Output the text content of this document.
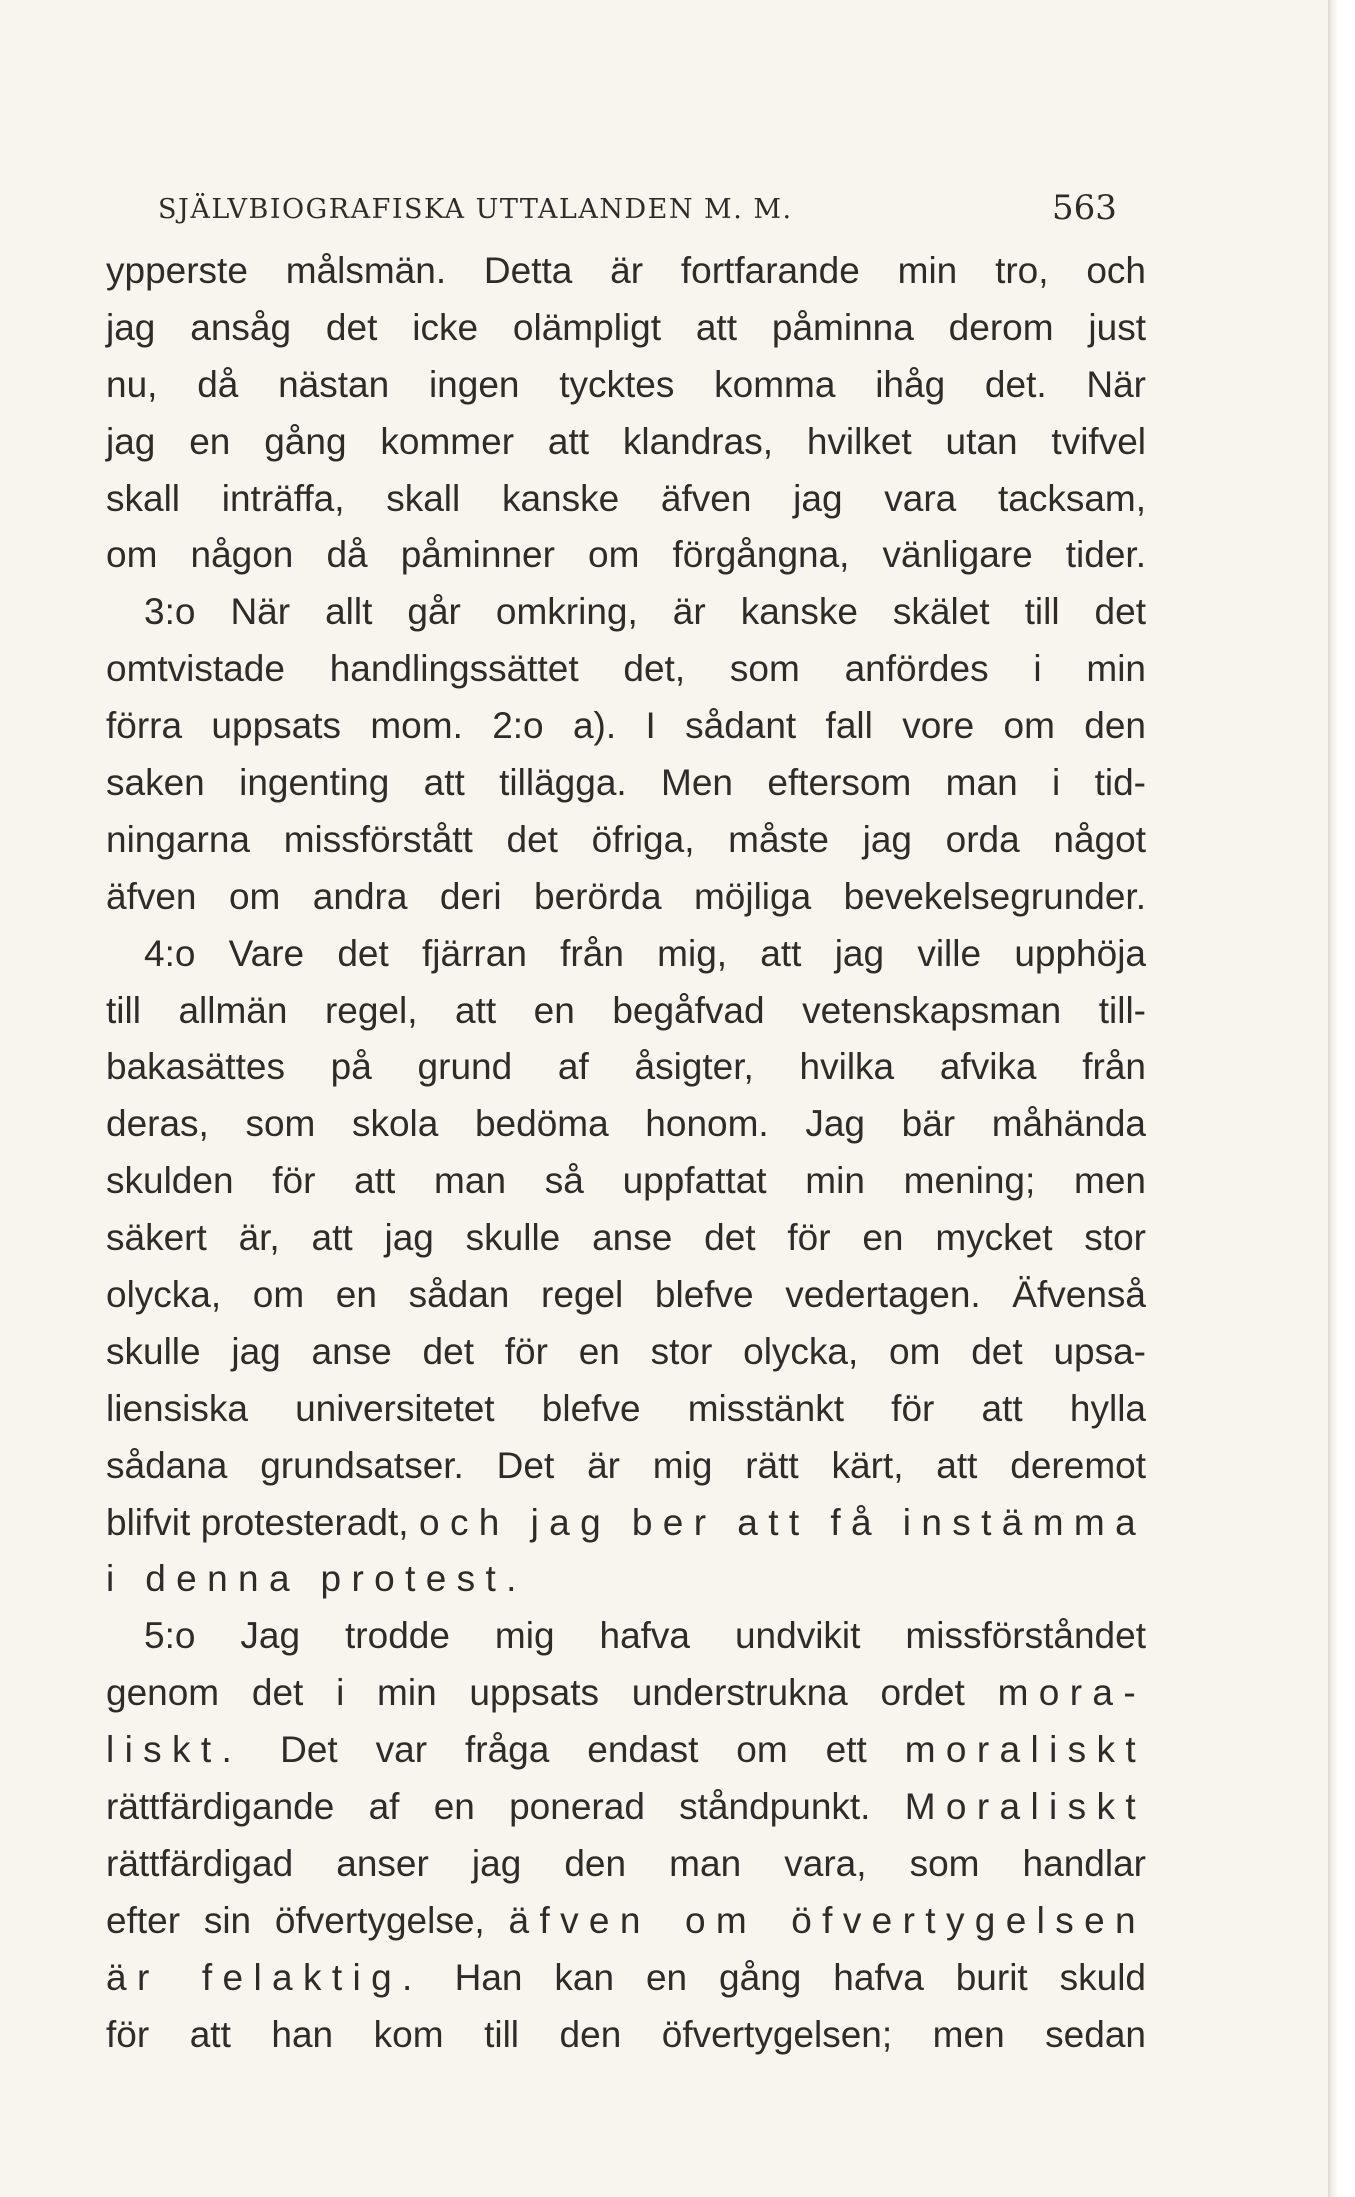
SJÄLVBIOGRAFISKA UTTALANDEN M. M.	563
ypperste målsmän. Detta är fortfarande min tro, och
jag ansåg det icke olämpligt att påminna derom just
nu, då nästan ingen tycktes komma ihåg det. När
jag en gång kommer att klandras, hvilket utan tvifvel
skall inträffa, skall kanske äfven jag vara tacksam,
om någon då påminner om förgångna, vänligare tider.
3:o När allt går omkring, är kanske skälet till det
omtvistade handlingssättet det, som anfördes i min
förra uppsats mom. 2:o a). I sådant fall vore om den
saken ingenting att tillägga. Men eftersom man i tid-
ningarna missförstått det öfriga, måste jag orda något
äfven om andra deri berörda möjliga bevekelsegrunder.
4:o Vare det fjärran från mig, att jag ville upphöja
till allmän regel, att en begåfvad vetenskapsman till-
bakasättes på grund af åsigter, hvilka afvika från
deras, som skola bedöma honom. Jag bär måhända
skulden för att man så uppfattat min mening; men
säkert är, att jag skulle anse det för en mycket stor
olycka, om en sådan regel blefve vedertagen. Äfvenså
skulle jag anse det för en stor olycka, om det upsa-
liensiska universitetet blefve misstänkt för att hylla
sådana grundsatser. Det är mig rätt kärt, att deremot
blifvit protesteradt, och jag ber att få instämma
i denna protest.
5:o Jag trodde mig hafva undvikit missförståndet
genom det i min uppsats understrukna ordet mora-
liskt. Det var fråga endast om ett moraliskt
rättfärdigande af en ponerad ståndpunkt. Moraliskt
rättfärdigad anser jag den man vara, som handlar
efter sin öfvertygelse, äfven om öfvertygelsen
är felaktig. Han kan en gång hafva burit skuld
för att han kom till den öfvertygelsen; men sedan
